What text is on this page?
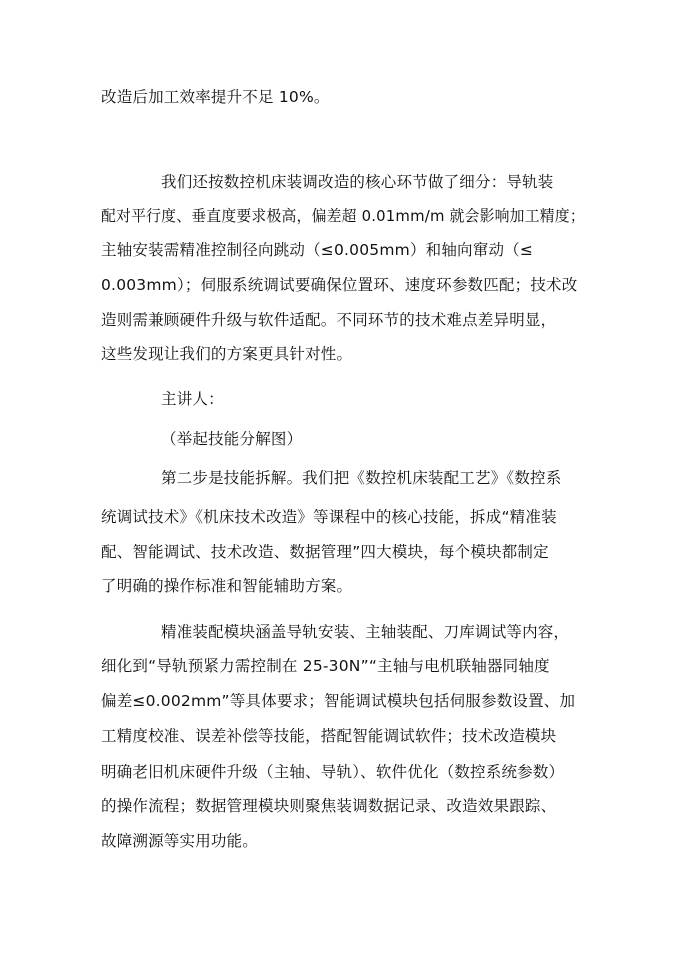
改造后加工效率提升不足 10%。
我们还按数控机床装调改造的核心环节做了细分：导轨装
配对平行度、垂直度要求极高，偏差超 0.01mm/m 就会影响加工精度；
主轴安装需精准控制径向跳动（≤0.005mm）和轴向窜动（≤
0.003mm）；伺服系统调试要确保位置环、速度环参数匹配；技术改
造则需兼顾硬件升级与软件适配。不同环节的技术难点差异明显，
这些发现让我们的方案更具针对性。
主讲人：
（举起技能分解图）
第二步是技能拆解。我们把《数控机床装配工艺》《数控系
统调试技术》《机床技术改造》等课程中的核心技能，拆成“精准装
配、智能调试、技术改造、数据管理”四大模块，每个模块都制定
了明确的操作标准和智能辅助方案。
精准装配模块涵盖导轨安装、主轴装配、刀库调试等内容，
细化到“导轨预紧力需控制在 25-30N”“主轴与电机联轴器同轴度
偏差≤0.002mm”等具体要求；智能调试模块包括伺服参数设置、加
工精度校准、误差补偿等技能，搭配智能调试软件；技术改造模块
明确老旧机床硬件升级（主轴、导轨）、软件优化（数控系统参数）
的操作流程；数据管理模块则聚焦装调数据记录、改造效果跟踪、
故障溯源等实用功能。
